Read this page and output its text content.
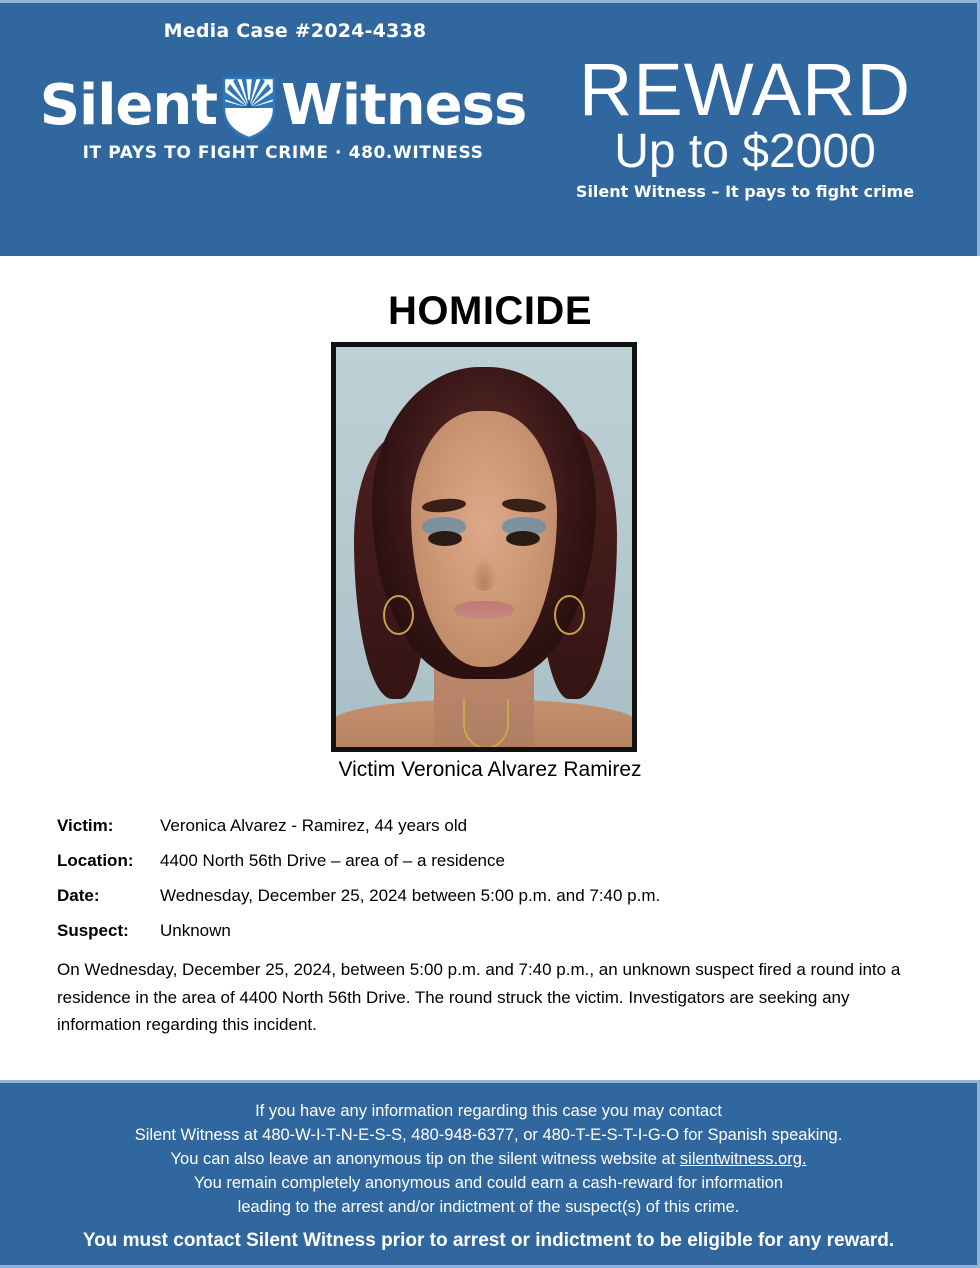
Media Case #2024-4338
Silent Witness
IT PAYS TO FIGHT CRIME · 480.WITNESS
REWARD
Up to $2000
Silent Witness – It pays to fight crime
HOMICIDE
Victim Veronica Alvarez Ramirez
Victim:	Veronica Alvarez - Ramirez, 44 years old
Location:	4400 North 56th Drive – area of – a residence
Date:	Wednesday, December 25, 2024 between 5:00 p.m. and 7:40 p.m.
Suspect:	Unknown
On Wednesday, December 25, 2024, between 5:00 p.m. and 7:40 p.m., an unknown suspect fired a round into a residence in the area of 4400 North 56th Drive. The round struck the victim. Investigators are seeking any information regarding this incident.
If you have any information regarding this case you may contact
Silent Witness at 480-W-I-T-N-E-S-S, 480-948-6377, or 480-T-E-S-T-I-G-O for Spanish speaking.
You can also leave an anonymous tip on the silent witness website at silentwitness.org.
You remain completely anonymous and could earn a cash-reward for information
leading to the arrest and/or indictment of the suspect(s) of this crime.
You must contact Silent Witness prior to arrest or indictment to be eligible for any reward.
